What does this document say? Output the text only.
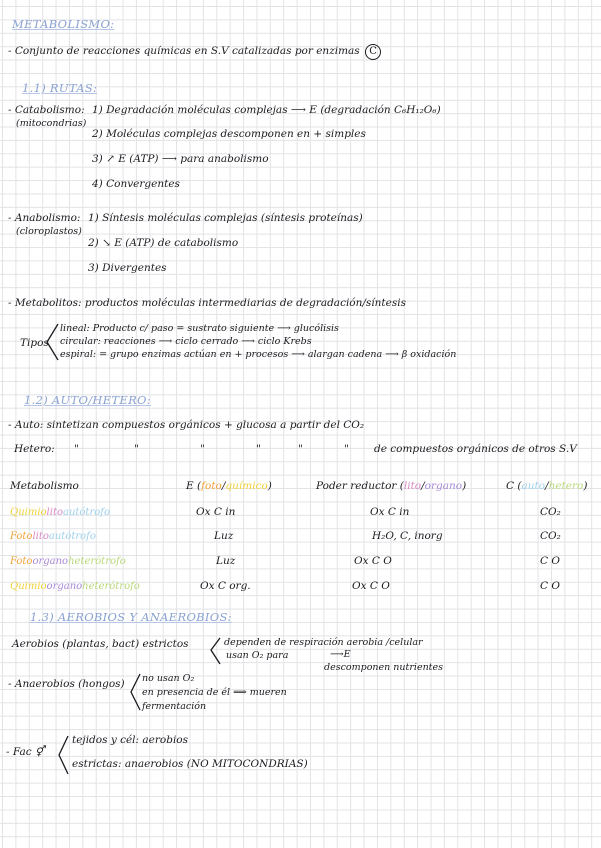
METABOLISMO:
- Conjunto de reacciones químicas en S.V catalizadas por enzimas C
1.1) RUTAS:
- Catabolismo:
(mitocondrias)
1) Degradación moléculas complejas ⟶ E (degradación C₆H₁₂O₆)
2) Moléculas complejas descomponen en + simples
3) ↗ E (ATP) ⟶ para anabolismo
4) Convergentes
- Anabolismo:
(cloroplastos)
1) Síntesis moléculas complejas (síntesis proteínas)
2) ↘ E (ATP) de catabolismo
3) Divergentes
- Metabolitos: productos moléculas intermediarias de degradación/síntesis
Tipos
lineal: Producto c/ paso = sustrato siguiente ⟶ glucólisis
circular: reacciones ⟶ ciclo cerrado ⟶ ciclo Krebs
espiral: = grupo enzimas actúan en + procesos ⟶ alargan cadena ⟶ β oxidación
1.2) AUTO/HETERO:
- Auto: sintetizan compuestos orgánicos + glucosa a partir del CO₂
Hetero: "	"	"	"	"	" de compuestos orgánicos de otros S.V
Metabolismo	E (foto/químico)	Poder reductor (lito/organo)	C (auto/hetero)
Quimiolitoautótrofo	Ox C in	Ox C in	CO₂
Fotolitoautótrofo	Luz	H₂O, C, inorg	CO₂
Fotoorganoheterótrofo	Luz	Ox C O	C O
Quimioorganoheterótrofo	Ox C org.	Ox C O	C O
1.3) AEROBIOS Y ANAEROBIOS:
Aerobios (plantas, bact) estrictos	dependen de respiración aerobia /celular
usan O₂ para	⟶E
descomponen nutrientes
- Anaerobios (hongos) no usan O₂
en presencia de él ⟹ mueren
fermentación
- Fac ⚥
tejidos y cél: aerobios
estrictas: anaerobios (NO MITOCONDRIAS)
